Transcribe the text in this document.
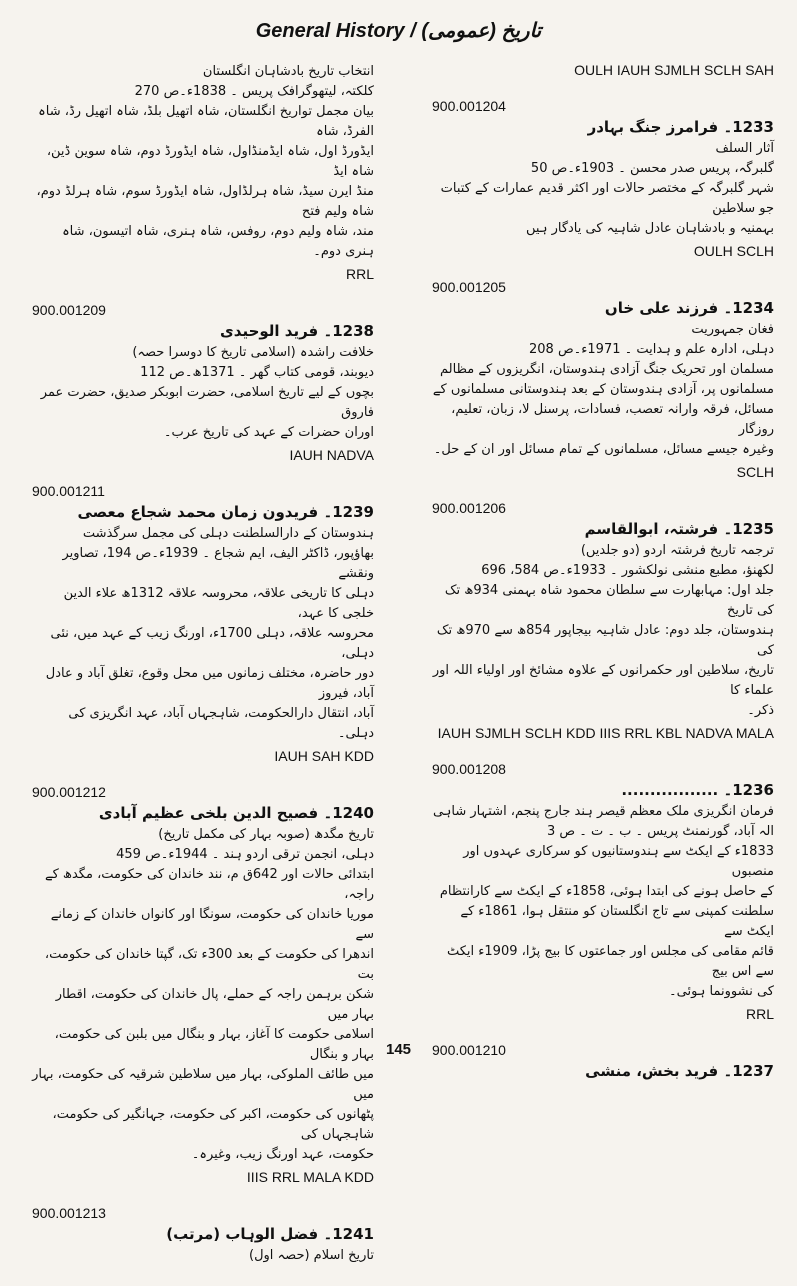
General History / (تاریخ (عمومی
انتخاب تاریخ بادشاہان انگلستان
کلکتہ، لیتھوگرافک پریس ۔ 1838ء۔ص 270
بیان مجمل تواریخ انگلستان، شاہ اتھیل بلڈ، شاہ اتھیل رڈ، شاہ الفرڈ، شاہ
ایڈورڈ اول، شاہ ایڈمنڈاول، شاہ ایڈورڈ دوم، شاہ سوین ڈین، شاہ ایڈ
منڈ ایرن سیڈ، شاہ ہرلڈاول، شاہ ایڈورڈ سوم، شاہ ہرلڈ دوم، شاہ ولیم فتح
مند، شاہ ولیم دوم، روفس، شاہ ہنری، شاہ اتیسون، شاہ ہنری دوم۔
RRL
900.001209
1238۔ فرید الوحیدی
خلافت راشدہ (اسلامی تاریخ کا دوسرا حصہ)
دیوبند، قومی کتاب گھر ۔ 1371ھ۔ص 112
بچوں کے لیے تاریخ اسلامی، حضرت ابوبکر صدیق، حضرت عمر فاروق
اوران حضرات کے عہد کی تاریخ عرب۔
IAUH NADVA
900.001211
1239۔ فریدون زمان محمد شجاع معصی
ہندوستان کے دارالسلطنت دہلی کی مجمل سرگذشت
بھاؤپور، ڈاکٹر الیف، ایم شجاع ۔ 1939ء۔ص 194، تصاویر ونقشے
دہلی کا تاریخی علاقہ، محروسہ علاقہ 1312ھ علاء الدین خلجی کا عہد،
محروسہ علاقہ، دہلی 1700ء، اورنگ زیب کے عہد میں، نئی دہلی،
دور حاضرہ، مختلف زمانوں میں محل وقوع، تغلق آباد و عادل آباد، فیروز
آباد، انتقال دارالحکومت، شاہجہاں آباد، عہد انگریزی کی دہلی۔
IAUH SAH KDD
900.001212
1240۔ فصیح الدین بلخی عظیم آبادی
تاریخ مگدھ (صوبہ بہار کی مکمل تاریخ)
دہلی، انجمن ترقی اردو ہند ۔ 1944ء۔ص 459
ابتدائی حالات اور 642ق م، نند خاندان کی حکومت، مگدھ کے راجہ،
موریا خاندان کی حکومت، سونگا اور کانواں خاندان کے زمانے سے
اندھرا کی حکومت کے بعد 300ء تک، گپتا خاندان کی حکومت، بت
شکن برہمن راجہ کے حملے، پال خاندان کی حکومت، اقطار بہار میں
اسلامی حکومت کا آغاز، بہار و بنگال میں بلبن کی حکومت، بہار و بنگال
میں طائف الملوکی، بہار میں سلاطین شرقیہ کی حکومت، بہار میں
پٹھانوں کی حکومت، اکبر کی حکومت، جہانگیر کی حکومت، شاہجہاں کی
حکومت، عہد اورنگ زیب، وغیرہ۔
IIIS RRL MALA KDD
900.001213
1241۔ فضل الوہاب (مرتب)
تاریخ اسلام (حصہ اول)
OULH IAUH SJMLH SCLH SAH
900.001204
1233۔ فرامرز جنگ بہادر
آثار السلف
گلبرگہ، پریس صدر محسن ۔ 1903ء۔ص 50
شہر گلبرگہ کے مختصر حالات اور اکثر قدیم عمارات کے کتبات جو سلاطین
بہمنیہ و بادشاہان عادل شاہیہ کی یادگار ہیں
OULH SCLH
900.001205
1234۔ فرزند علی خاں
فغان جمہوریت
دہلی، ادارہ علم و ہدایت ۔ 1971ء۔ص 208
مسلمان اور تحریک جنگ آزادی ہندوستان، انگریزوں کے مظالم
مسلمانوں پر، آزادی ہندوستان کے بعد ہندوستانی مسلمانوں کے
مسائل، فرقہ وارانہ تعصب، فسادات، پرسنل لا، زبان، تعلیم، روزگار
وغیرہ جیسے مسائل، مسلمانوں کے تمام مسائل اور ان کے حل۔
SCLH
900.001206
1235۔ فرشتہ، ابوالقاسم
ترجمہ تاریخ فرشتہ اردو (دو جلدیں)
لکھنؤ، مطبع منشی نولکشور ۔ 1933ء۔ص 584، 696
جلد اول: مہابھارت سے سلطان محمود شاہ بہمنی 934ھ تک کی تاریخ
ہندوستان، جلد دوم: عادل شاہیہ بیجاپور 854ھ سے 970ھ تک کی
تاریخ، سلاطین اور حکمرانوں کے علاوہ مشائخ اور اولیاء اللہ اور علماء کا
ذکر۔
IAUH SJMLH SCLH KDD IIIS RRL KBL NADVA MALA
900.001208
1236۔ .................
فرمان انگریزی ملک معظم قیصر ہند جارج پنجم، اشتہار شاہی
الہ آباد، گورنمنٹ پریس ۔ ب ۔ ت ۔ ص 3
1833ء کے ایکٹ سے ہندوستانیوں کو سرکاری عہدوں اور منصبوں
کے حاصل ہونے کی ابتدا ہوئی، 1858ء کے ایکٹ سے کارانتظام
سلطنت کمپنی سے تاج انگلستان کو منتقل ہوا، 1861ء کے ایکٹ سے
قائم مقامی کی مجلس اور جماعتوں کا بیج پڑا، 1909ء ایکٹ سے اس بیج
کی نشوونما ہوئی۔
RRL
900.001210
1237۔ فرید بخش، منشی
145
